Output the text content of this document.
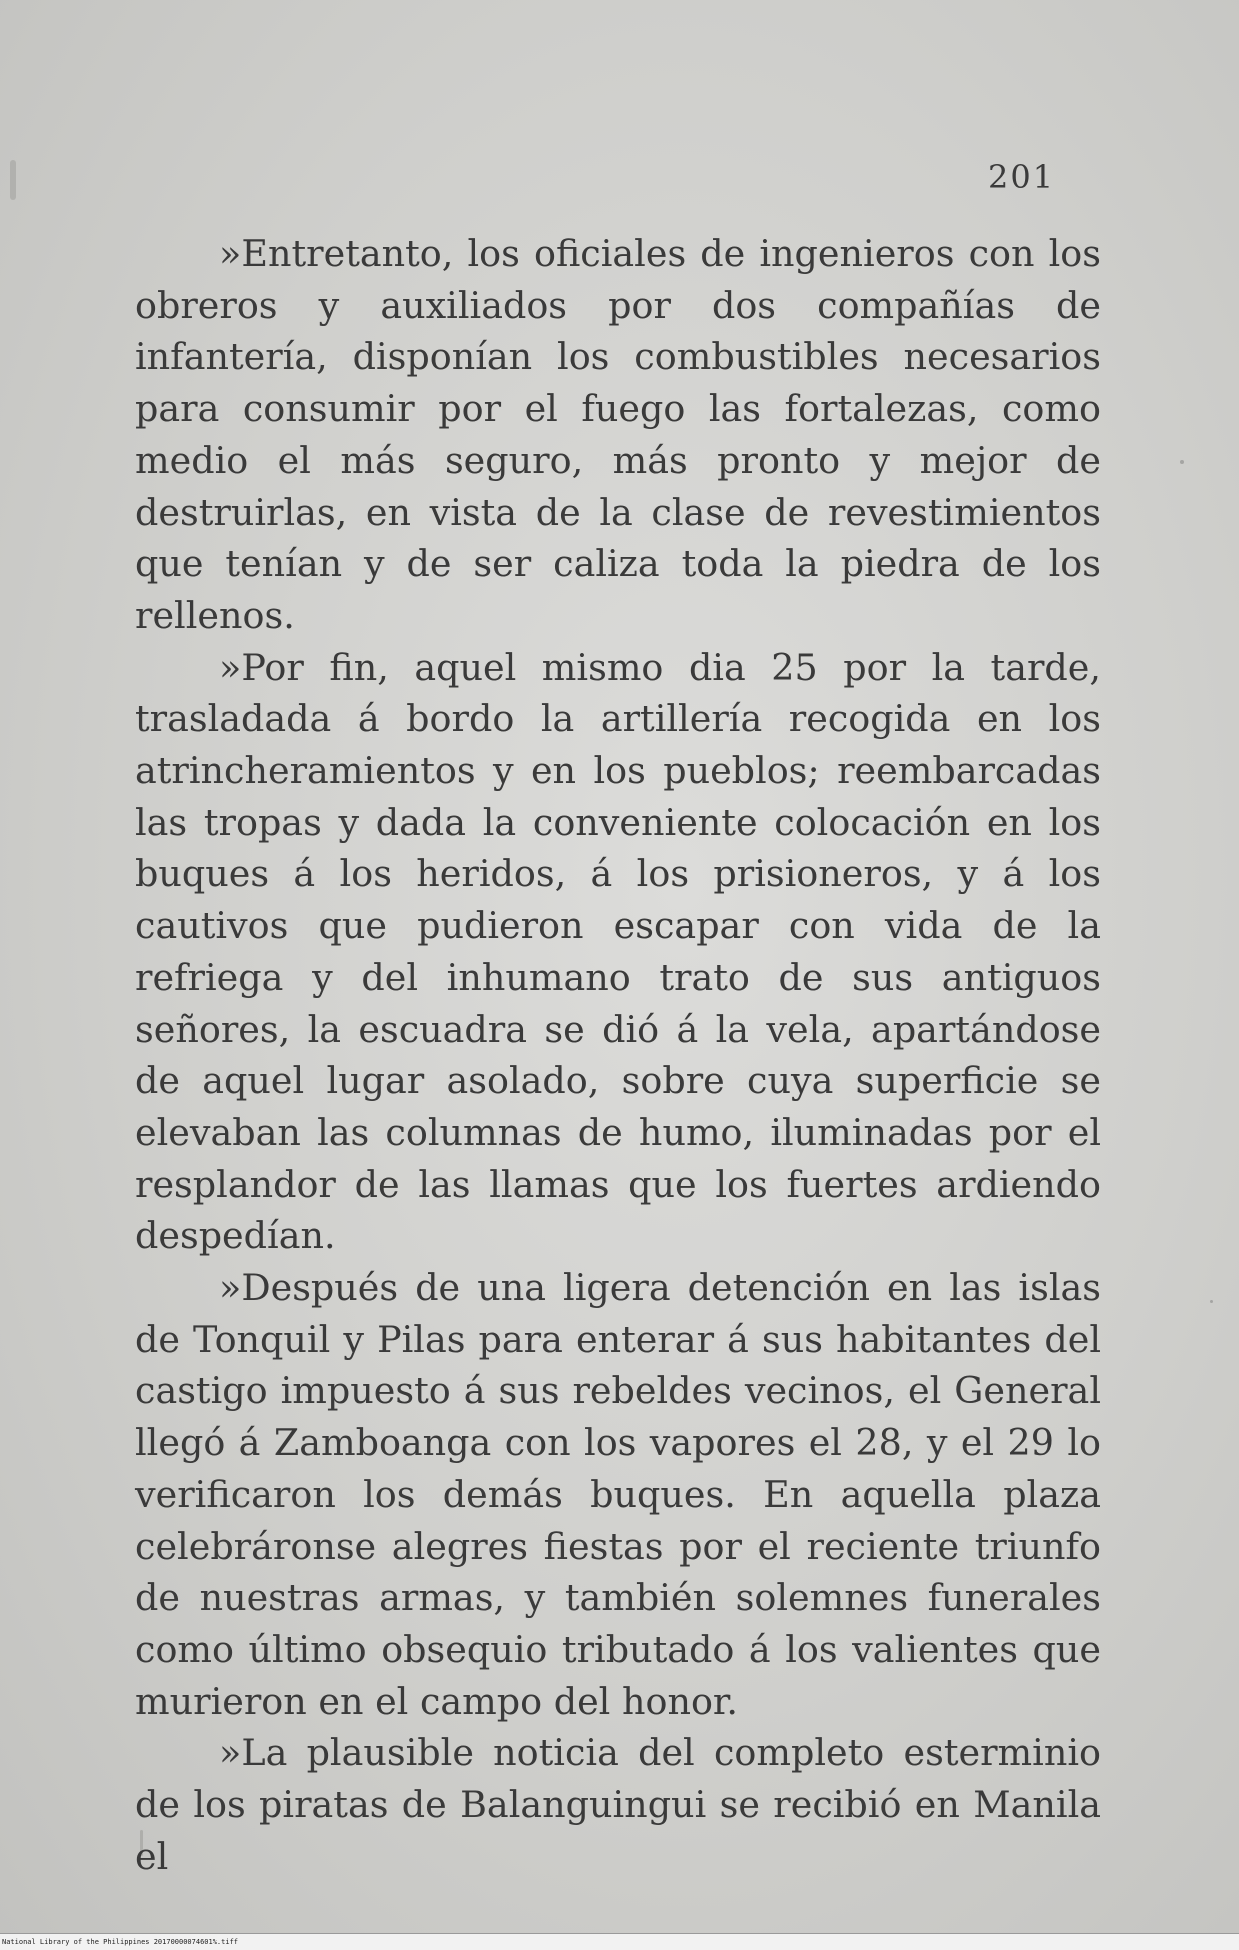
201

»Entretanto, los oficiales de ingenieros con los obreros y auxiliados por dos compañías de infantería, disponían los combustibles necesarios para consumir por el fuego las fortalezas, como medio el más seguro, más pronto y mejor de destruirlas, en vista de la clase de revestimientos que tenían y de ser caliza toda la piedra de los rellenos.

»Por fin, aquel mismo dia 25 por la tarde, trasladada á bordo la artillería recogida en los atrincheramientos y en los pueblos; reembarcadas las tropas y dada la conveniente colocación en los buques á los heridos, á los prisioneros, y á los cautivos que pudieron escapar con vida de la refriega y del inhumano trato de sus antiguos señores, la escuadra se dió á la vela, apartándose de aquel lugar asolado, sobre cuya superficie se elevaban las columnas de humo, iluminadas por el resplandor de las llamas que los fuertes ardiendo despedían.

»Después de una ligera detención en las islas de Tonquil y Pilas para enterar á sus habitantes del castigo impuesto á sus rebeldes vecinos, el General llegó á Zamboanga con los vapores el 28, y el 29 lo verificaron los demás buques. En aquella plaza celebráronse alegres fiestas por el reciente triunfo de nuestras armas, y también solemnes funerales como último obsequio tributado á los valientes que murieron en el campo del honor.

»La plausible noticia del completo esterminio de los piratas de Balanguingui se recibió en Manila el

National Library of the Philippines 20170000074601%.tiff
